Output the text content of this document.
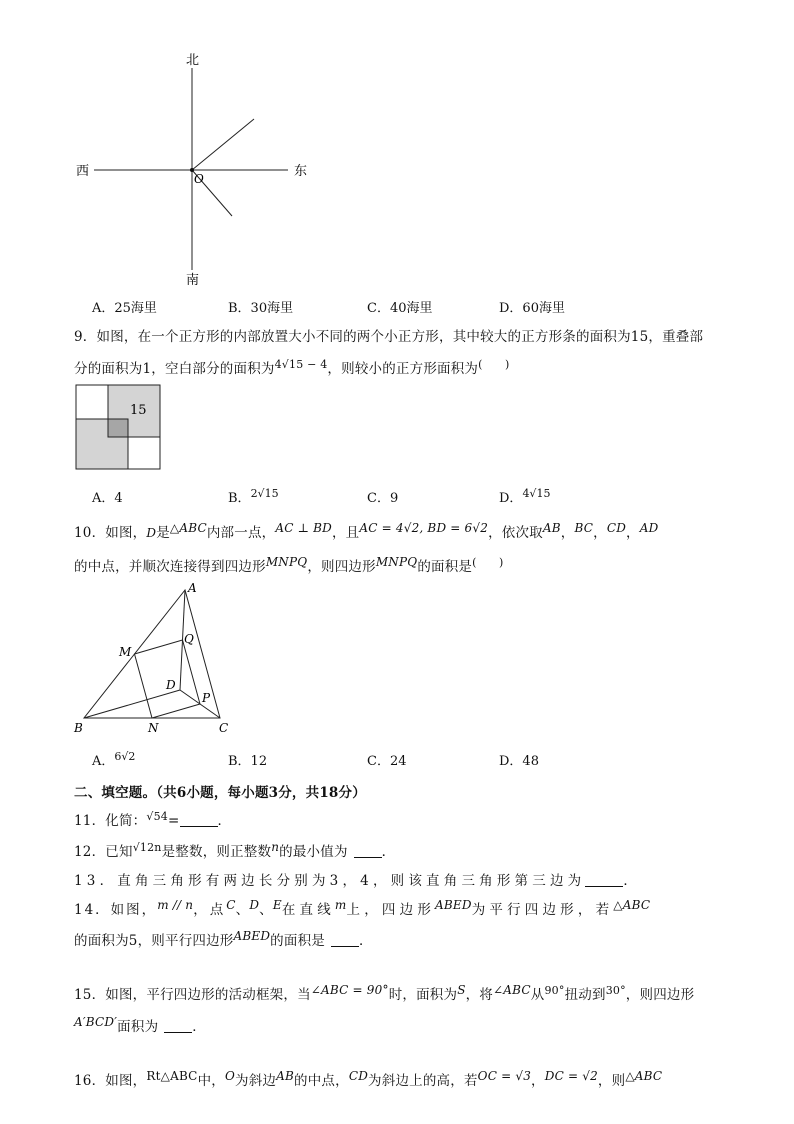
北
南
西	东
O
A．25海里	B．30海里	C．40海里	D．60海里
9．如图，在一个正方形的内部放置大小不同的两个小正方形，其中较大的正方形条的面积为15，重叠部
分的面积为1，空白部分的面积为$^{4√15 - 4}$，则较小的正方形面积为(　　)
15
A．4	B．$^{2√15}$	C．9	D．$^{4√15}$
10．如图，D是△ABC内部一点，AC ⊥ BD，且AC = 4√2, BD = 6√2，依次取AB，BC，CD，AD
的中点，并顺次连接得到四边形MNPQ，则四边形MNPQ的面积是(　　)
A
B	C
D
M
N
P
Q
A．$^{6√2}$	B．12	C．24	D．48
二、填空题。（共6小题，每小题3分，共18分）
11．化简：$^{√54}$=	．
12．已知$^{√12n}$是整数，则正整数n的最小值为	．
13．直角三角形有两边长分别为3，4，则该直角三角形第三边为	．
14．如图，m // n，点C、D、E在直线m上，四边形ABED为平行四边形，若△ABC
的面积为5，则平行四边形ABED的面积是	．
15．如图，平行四边形的活动框架，当∠ABC = 90°时，面积为S，将∠ABC从$^{90^\circ}$扭动到$^{30^\circ}$，则四边形
A′BCD′面积为	．
16．如图，Rt△ABC中，O为斜边AB的中点，CD为斜边上的高，若OC = √3，DC = √2，则△ABC
